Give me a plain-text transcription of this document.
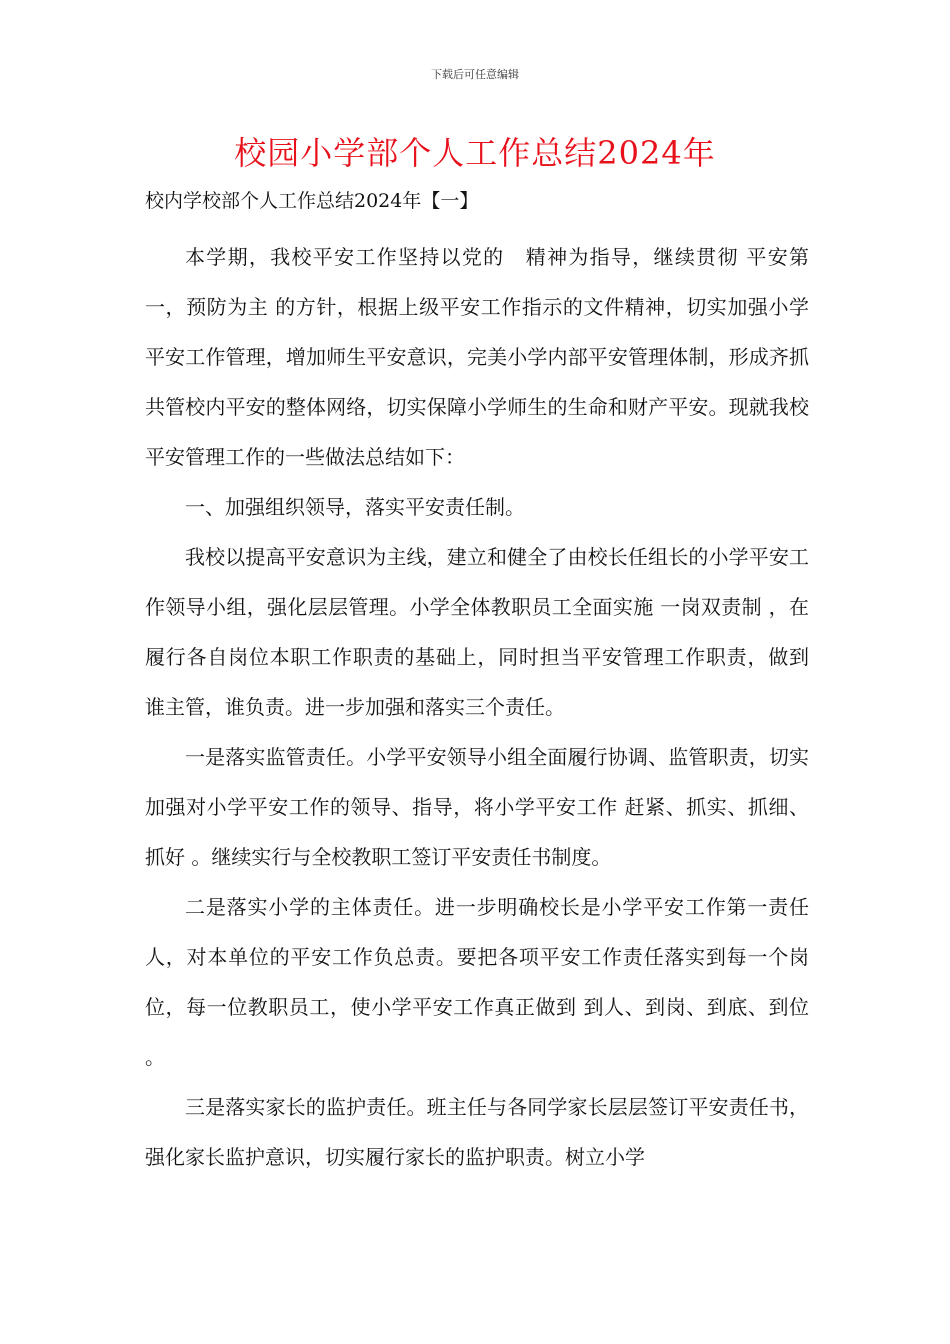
下载后可任意编辑
校园小学部个人工作总结2024年
校内学校部个人工作总结2024年【一】

本学期，我校平安工作坚持以党的　精神为指导，继续贯彻 平安第一，预防为主 的方针，根据上级平安工作指示的文件精神，切实加强小学平安工作管理，增加师生平安意识，完美小学内部平安管理体制，形成齐抓共管校内平安的整体网络，切实保障小学师生的生命和财产平安。现就我校平安管理工作的一些做法总结如下：

一、加强组织领导，落实平安责任制。

我校以提高平安意识为主线，建立和健全了由校长任组长的小学平安工作领导小组，强化层层管理。小学全体教职员工全面实施 一岗双责制 ，在履行各自岗位本职工作职责的基础上，同时担当平安管理工作职责，做到 谁主管，谁负责。进一步加强和落实三个责任。

一是落实监管责任。小学平安领导小组全面履行协调、监管职责，切实加强对小学平安工作的领导、指导，将小学平安工作 赶紧、抓实、抓细、抓好 。继续实行与全校教职工签订平安责任书制度。

二是落实小学的主体责任。进一步明确校长是小学平安工作第一责任人，对本单位的平安工作负总责。要把各项平安工作责任落实到每一个岗位，每一位教职员工，使小学平安工作真正做到 到人、到岗、到底、到位 。

三是落实家长的监护责任。班主任与各同学家长层层签订平安责任书，强化家长监护意识，切实履行家长的监护职责。树立小学
